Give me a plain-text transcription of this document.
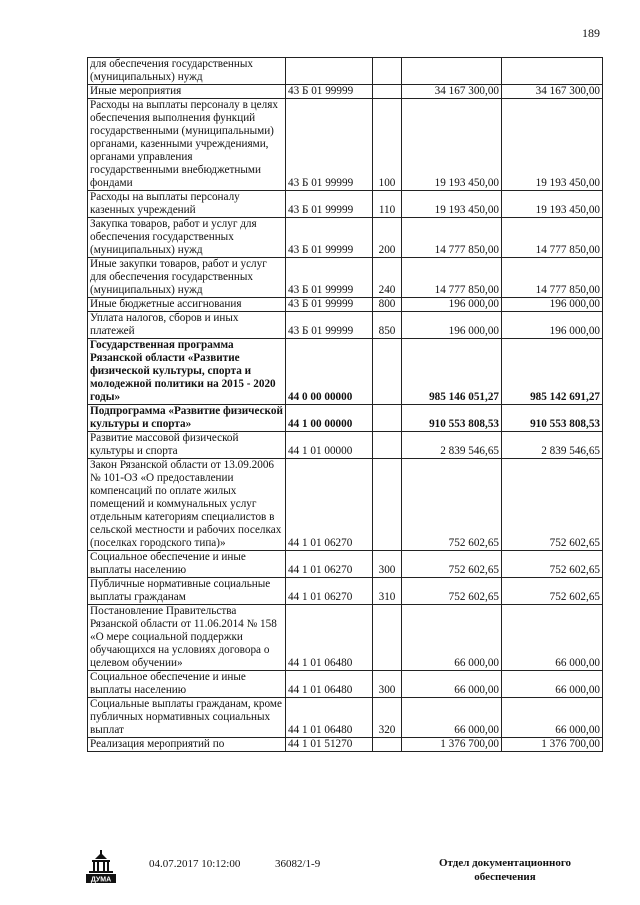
189
для обеспечения государственных (муниципальных) нужд				
Иные мероприятия	43 Б 01 99999		34 167 300,00	34 167 300,00
Расходы на выплаты персоналу в целях обеспечения выполнения функций государственными (муниципальными) органами, казенными учреждениями, органами управления государственными внебюджетными фондами	43 Б 01 99999	100	19 193 450,00	19 193 450,00
Расходы на выплаты персоналу казенных учреждений	43 Б 01 99999	110	19 193 450,00	19 193 450,00
Закупка товаров, работ и услуг для обеспечения государственных (муниципальных) нужд	43 Б 01 99999	200	14 777 850,00	14 777 850,00
Иные закупки товаров, работ и услуг для обеспечения государственных (муниципальных) нужд	43 Б 01 99999	240	14 777 850,00	14 777 850,00
Иные бюджетные ассигнования	43 Б 01 99999	800	196 000,00	196 000,00
Уплата налогов, сборов и иных платежей	43 Б 01 99999	850	196 000,00	196 000,00
Государственная программа Рязанской области «Развитие физической культуры, спорта и молодежной политики на 2015 - 2020 годы»	44 0 00 00000		985 146 051,27	985 142 691,27
Подпрограмма «Развитие физической культуры и спорта»	44 1 00 00000		910 553 808,53	910 553 808,53
Развитие массовой физической культуры и спорта	44 1 01 00000		2 839 546,65	2 839 546,65
Закон Рязанской области от 13.09.2006 № 101-ОЗ «О предоставлении компенсаций по оплате жилых помещений и коммунальных услуг отдельным категориям специалистов в сельской местности и рабочих поселках (поселках городского типа)»	44 1 01 06270		752 602,65	752 602,65
Социальное обеспечение и иные выплаты населению	44 1 01 06270	300	752 602,65	752 602,65
Публичные нормативные социальные выплаты гражданам	44 1 01 06270	310	752 602,65	752 602,65
Постановление Правительства Рязанской области от 11.06.2014 № 158 «О мере социальной поддержки обучающихся на условиях договора о целевом обучении»	44 1 01 06480		66 000,00	66 000,00
Социальное обеспечение и иные выплаты населению	44 1 01 06480	300	66 000,00	66 000,00
Социальные выплаты гражданам, кроме публичных нормативных социальных выплат	44 1 01 06480	320	66 000,00	66 000,00
Реализация мероприятий по	44 1 01 51270		1 376 700,00	1 376 700,00
ДУМА
04.07.2017 10:12:00	36082/1-9	Отдел документационного
обеспечения
